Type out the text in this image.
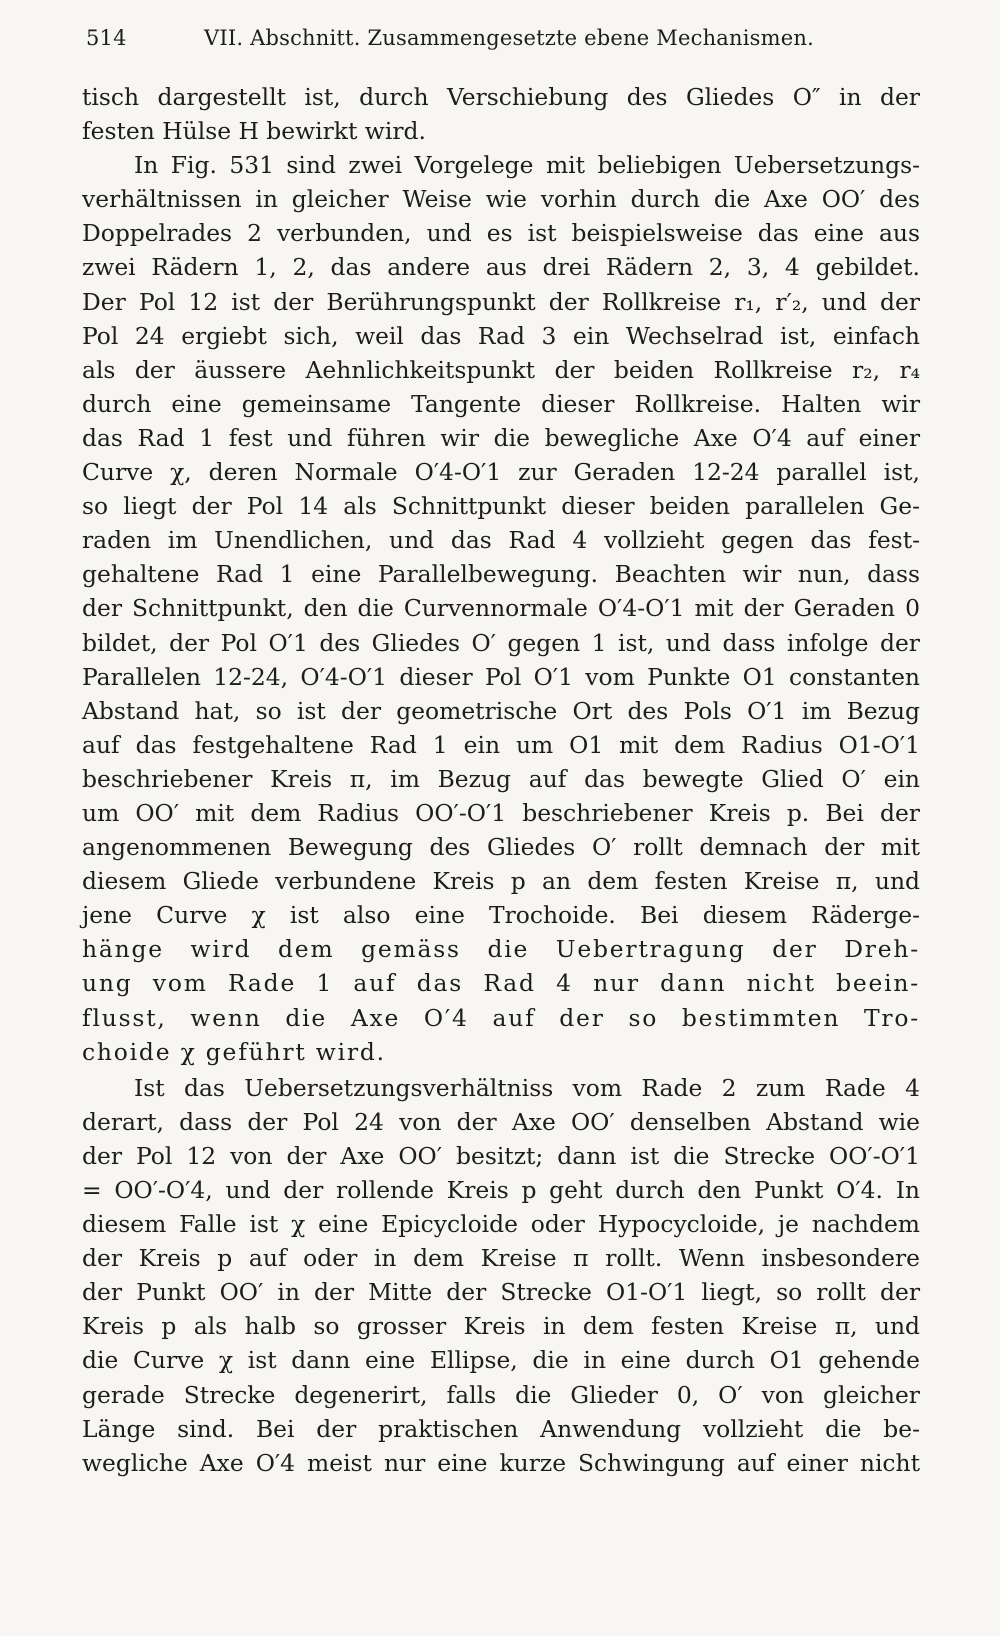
514	VII. Abschnitt. Zusammengesetzte ebene Mechanismen.
tisch dargestellt ist, durch Verschiebung des Gliedes O″ in der
festen Hülse H bewirkt wird.
In Fig. 531 sind zwei Vorgelege mit beliebigen Uebersetzungs-
verhältnissen in gleicher Weise wie vorhin durch die Axe OO′ des
Doppelrades 2 verbunden, und es ist beispielsweise das eine aus
zwei Rädern 1, 2, das andere aus drei Rädern 2, 3, 4 gebildet.
Der Pol 12 ist der Berührungspunkt der Rollkreise r₁, r′₂, und der
Pol 24 ergiebt sich, weil das Rad 3 ein Wechselrad ist, einfach
als der äussere Aehnlichkeitspunkt der beiden Rollkreise r₂, r₄
durch eine gemeinsame Tangente dieser Rollkreise. Halten wir
das Rad 1 fest und führen wir die bewegliche Axe O′4 auf einer
Curve χ, deren Normale O′4-O′1 zur Geraden 12-24 parallel ist,
so liegt der Pol 14 als Schnittpunkt dieser beiden parallelen Ge-
raden im Unendlichen, und das Rad 4 vollzieht gegen das fest-
gehaltene Rad 1 eine Parallelbewegung. Beachten wir nun, dass
der Schnittpunkt, den die Curvennormale O′4-O′1 mit der Geraden 0
bildet, der Pol O′1 des Gliedes O′ gegen 1 ist, und dass infolge der
Parallelen 12-24, O′4-O′1 dieser Pol O′1 vom Punkte O1 constanten
Abstand hat, so ist der geometrische Ort des Pols O′1 im Bezug
auf das festgehaltene Rad 1 ein um O1 mit dem Radius O1-O′1
beschriebener Kreis π, im Bezug auf das bewegte Glied O′ ein
um OO′ mit dem Radius OO′-O′1 beschriebener Kreis p. Bei der
angenommenen Bewegung des Gliedes O′ rollt demnach der mit
diesem Gliede verbundene Kreis p an dem festen Kreise π, und
jene Curve χ ist also eine Trochoide. Bei diesem Räderge-
hänge wird dem gemäss die Uebertragung der Dreh-
ung vom Rade 1 auf das Rad 4 nur dann nicht beein-
flusst, wenn die Axe O′4 auf der so bestimmten Tro-
choide χ geführt wird.
Ist das Uebersetzungsverhältniss vom Rade 2 zum Rade 4
derart, dass der Pol 24 von der Axe OO′ denselben Abstand wie
der Pol 12 von der Axe OO′ besitzt; dann ist die Strecke OO′-O′1
= OO′-O′4, und der rollende Kreis p geht durch den Punkt O′4. In
diesem Falle ist χ eine Epicycloide oder Hypocycloide, je nachdem
der Kreis p auf oder in dem Kreise π rollt. Wenn insbesondere
der Punkt OO′ in der Mitte der Strecke O1-O′1 liegt, so rollt der
Kreis p als halb so grosser Kreis in dem festen Kreise π, und
die Curve χ ist dann eine Ellipse, die in eine durch O1 gehende
gerade Strecke degenerirt, falls die Glieder 0, O′ von gleicher
Länge sind. Bei der praktischen Anwendung vollzieht die be-
wegliche Axe O′4 meist nur eine kurze Schwingung auf einer nicht
